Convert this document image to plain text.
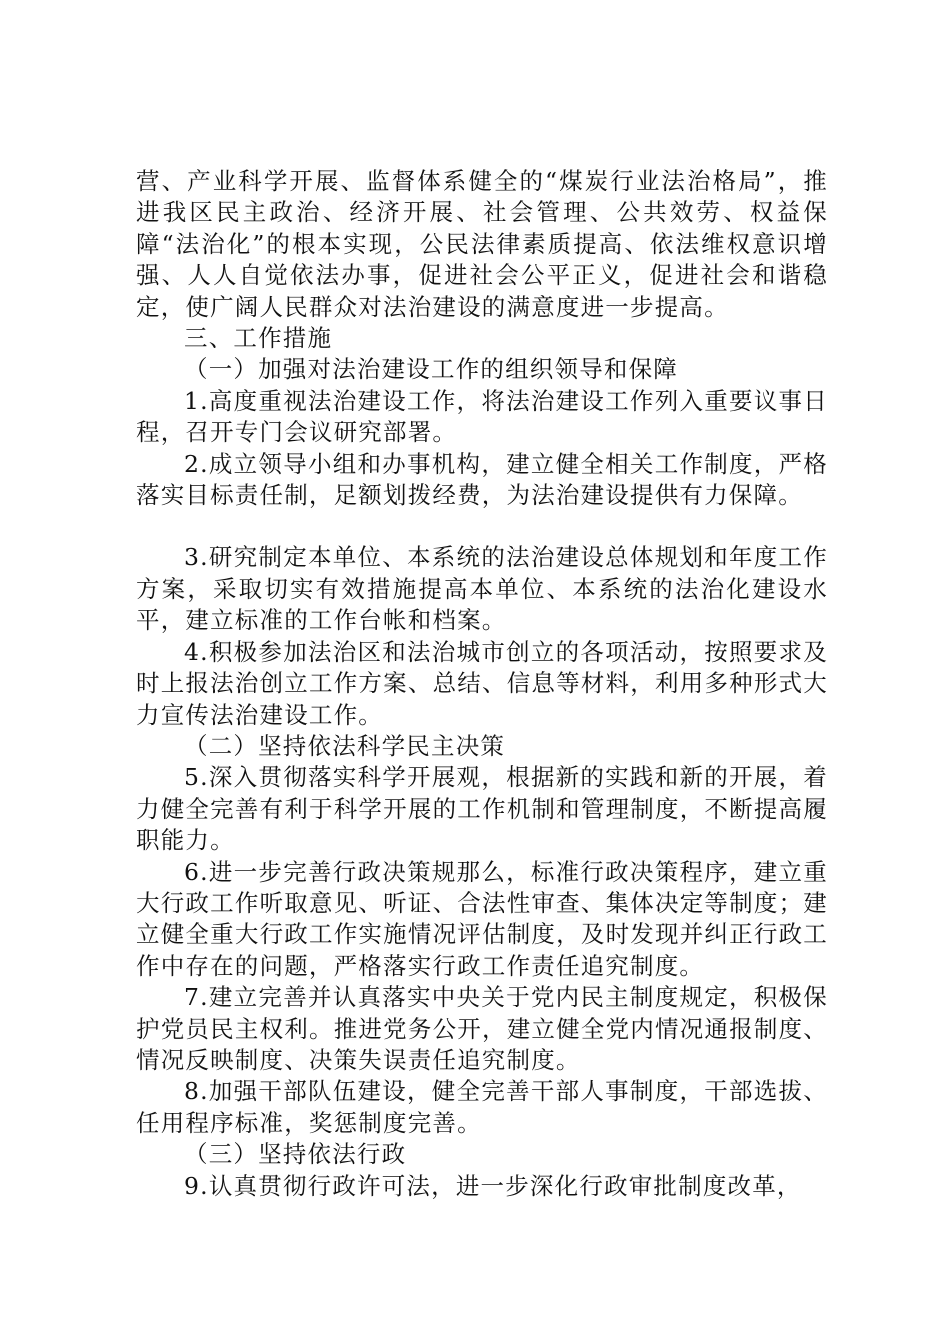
营、产业科学开展、监督体系健全的“煤炭行业法治格局”，推进我区民主政治、经济开展、社会管理、公共效劳、权益保障“法治化”的根本实现，公民法律素质提高、依法维权意识增强、人人自觉依法办事，促进社会公平正义，促进社会和谐稳定，使广阔人民群众对法治建设的满意度进一步提高。

三、工作措施

（一）加强对法治建设工作的组织领导和保障

1.高度重视法治建设工作，将法治建设工作列入重要议事日程，召开专门会议研究部署。

2.成立领导小组和办事机构，建立健全相关工作制度，严格落实目标责任制，足额划拨经费，为法治建设提供有力保障。

3.研究制定本单位、本系统的法治建设总体规划和年度工作方案，采取切实有效措施提高本单位、本系统的法治化建设水平，建立标准的工作台帐和档案。

4.积极参加法治区和法治城市创立的各项活动，按照要求及时上报法治创立工作方案、总结、信息等材料，利用多种形式大力宣传法治建设工作。

（二）坚持依法科学民主决策

5.深入贯彻落实科学开展观，根据新的实践和新的开展，着力健全完善有利于科学开展的工作机制和管理制度，不断提高履职能力。

6.进一步完善行政决策规那么，标准行政决策程序，建立重大行政工作听取意见、听证、合法性审查、集体决定等制度；建立健全重大行政工作实施情况评估制度，及时发现并纠正行政工作中存在的问题，严格落实行政工作责任追究制度。

7.建立完善并认真落实中央关于党内民主制度规定，积极保护党员民主权利。推进党务公开，建立健全党内情况通报制度、情况反映制度、决策失误责任追究制度。

8.加强干部队伍建设，健全完善干部人事制度，干部选拔、任用程序标准，奖惩制度完善。

（三）坚持依法行政

9.认真贯彻行政许可法，进一步深化行政审批制度改革，
